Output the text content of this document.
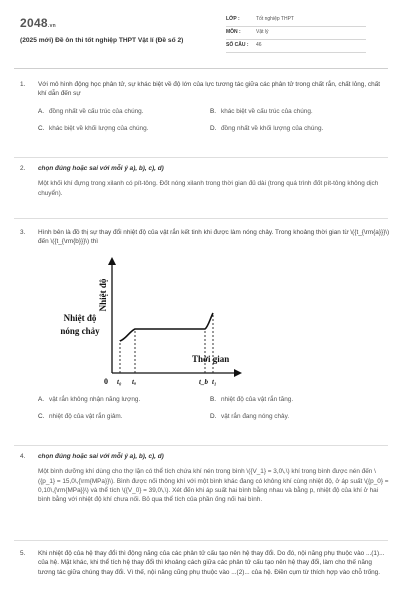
2048.vn
(2025 mới) Đề ôn thi tốt nghiệp THPT Vật lí (Đề số 2)
LỚP :	Tốt nghiệp THPT
MÔN :	Vật lý
SỐ CÂU :	46
1. Với mô hình động học phân tử, sự khác biệt về độ lớn của lực tương tác giữa các phân tử trong chất rắn, chất lỏng, chất khí dẫn đến sự
A. đồng nhất về cấu trúc của chúng.	B. khác biệt về cấu trúc của chúng.
C. khác biệt về khối lượng của chúng.	D. đồng nhất về khối lượng của chúng.
2. chọn đúng hoặc sai với mỗi ý a), b), c), d)
Một khối khí đựng trong xilanh có pít-tông. Đốt nóng xilanh trong thời gian đủ dài (trong quá trình đốt pít-tông không dịch chuyển).
3. Hình bên là đồ thị sự thay đổi nhiệt độ của vật rắn kết tinh khi được làm nóng chảy. Trong khoảng thời gian từ \({t_{\rm{a}}}\) đến \({t_{\rm{b}}}\) thì
Nhiệt độ
Nhiệt độ
nóng chảy
Thời gian
0 t₀ tₐ	t_b t₁
A. vật rắn không nhận năng lượng.	B. nhiệt độ của vật rắn tăng.
C. nhiệt độ của vật rắn giảm.	D. vật rắn đang nóng chảy.
4. chọn đúng hoặc sai với mỗi ý a), b), c), d)
Một bình dưỡng khí dùng cho thợ lặn có thể tích chứa khí nén trong bình \({V_1} = 3,0\,\) khí trong bình được nén đến \({p_1} = 15,0\,{\rm{MPa}}\). Bình được nối thông khí với một bình khác đang có không khí cùng nhiệt độ, ở áp suất \({p_0} = 0,10\,{\rm{MPa}}\) và thể tích \({V_0} = 39,0\,\). Xét đến khi áp suất hai bình bằng nhau và bằng p, nhiệt độ của khí ở hai bình bằng với nhiệt độ khí chưa nối. Bỏ qua thể tích của phần ống nối hai bình.
5. Khi nhiệt độ của hệ thay đổi thì động năng của các phân tử cấu tạo nên hệ thay đổi. Do đó, nội năng phụ thuộc vào ...(1)... của hệ. Mặt khác, khi thể tích hệ thay đổi thì khoảng cách giữa các phân tử cấu tạo nên hệ thay đổi, làm cho thế năng tương tác giữa chúng thay đổi. Vì thế, nội năng cũng phụ thuộc vào ...(2)... của hệ. Điền cụm từ thích hợp vào chỗ trống.
